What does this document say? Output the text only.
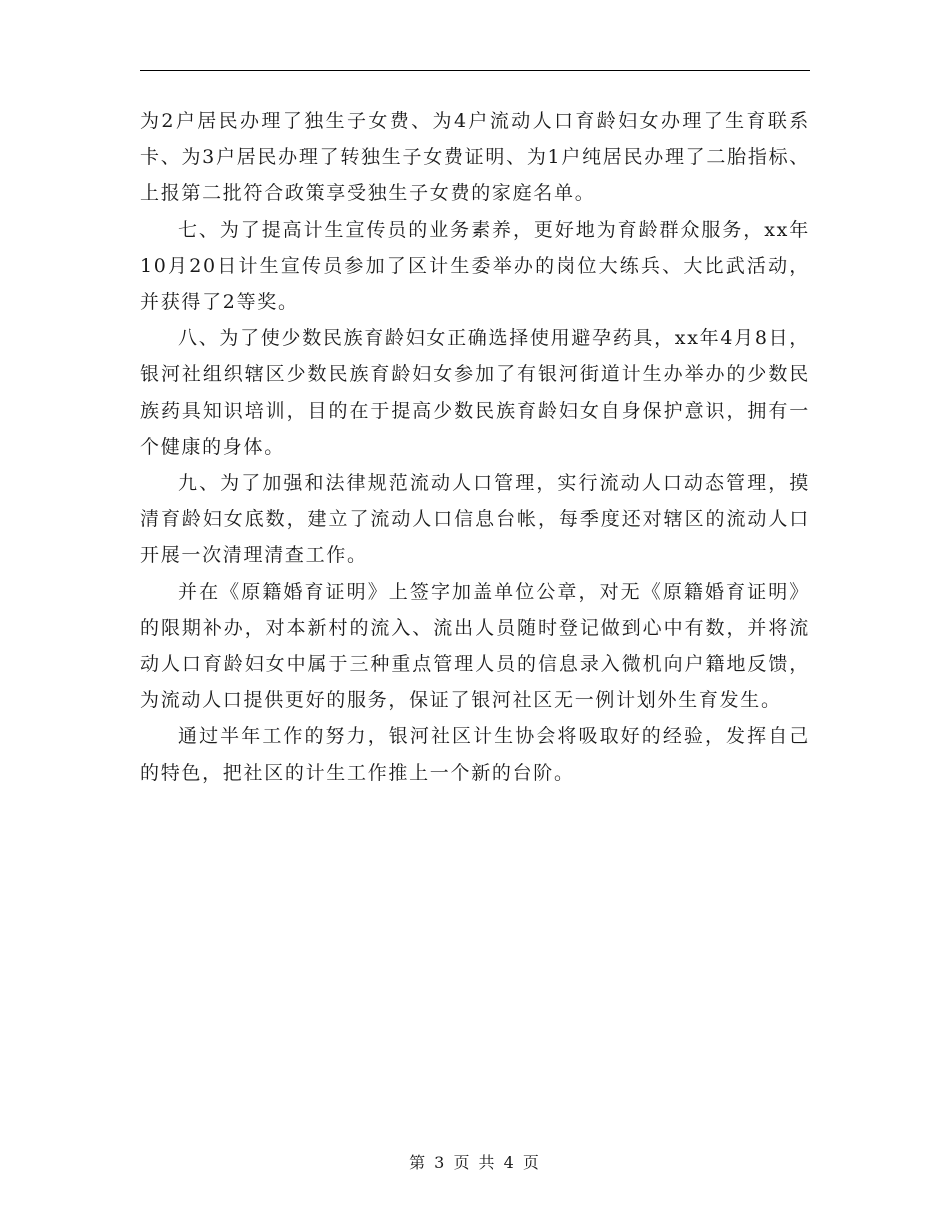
为2户居民办理了独生子女费、为4户流动人口育龄妇女办理了生育联系卡、为3户居民办理了转独生子女费证明、为1户纯居民办理了二胎指标、上报第二批符合政策享受独生子女费的家庭名单。

七、为了提高计生宣传员的业务素养，更好地为育龄群众服务，xx年10月20日计生宣传员参加了区计生委举办的岗位大练兵、大比武活动，并获得了2等奖。

八、为了使少数民族育龄妇女正确选择使用避孕药具，xx年4月8日，银河社组织辖区少数民族育龄妇女参加了有银河街道计生办举办的少数民族药具知识培训，目的在于提高少数民族育龄妇女自身保护意识，拥有一个健康的身体。

九、为了加强和法律规范流动人口管理，实行流动人口动态管理，摸清育龄妇女底数，建立了流动人口信息台帐，每季度还对辖区的流动人口开展一次清理清查工作。

并在《原籍婚育证明》上签字加盖单位公章，对无《原籍婚育证明》的限期补办，对本新村的流入、流出人员随时登记做到心中有数，并将流动人口育龄妇女中属于三种重点管理人员的信息录入微机向户籍地反馈，为流动人口提供更好的服务，保证了银河社区无一例计划外生育发生。

通过半年工作的努力，银河社区计生协会将吸取好的经验，发挥自己的特色，把社区的计生工作推上一个新的台阶。

第 3 页 共 4 页
